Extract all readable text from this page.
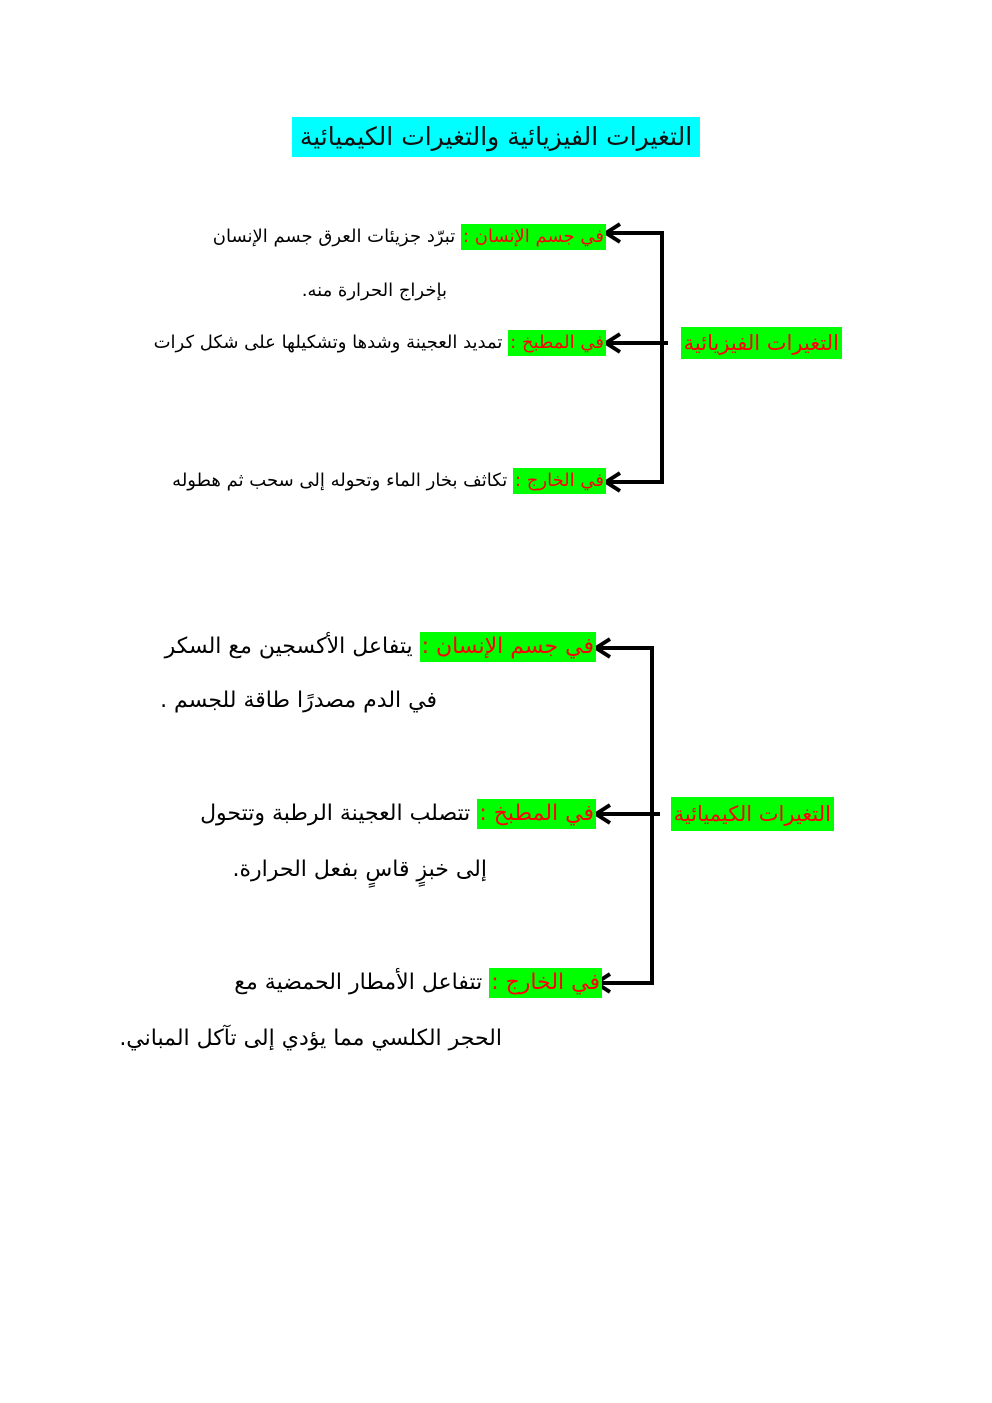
التغيرات الفيزيائية والتغيرات الكيميائية
التغيرات الفيزيائية
في جسم الإنسان : تبرّد جزيئات العرق جسم الإنسان
بإخراج الحرارة منه.
في المطبخ : تمديد العجينة وشدها وتشكيلها على شكل كرات
في الخارج : تكاثف بخار الماء وتحوله إلى سحب ثم هطوله
التغيرات الكيميائية
في جسم الإنسان : يتفاعل الأكسجين مع السكر
في الدم مصدرًا طاقة للجسم .
في المطبخ : تتصلب العجينة الرطبة وتتحول
إلى خبزٍ قاسٍ بفعل الحرارة.
في الخارج : تتفاعل الأمطار الحمضية مع
الحجر الكلسي مما يؤدي إلى تآكل المباني.
